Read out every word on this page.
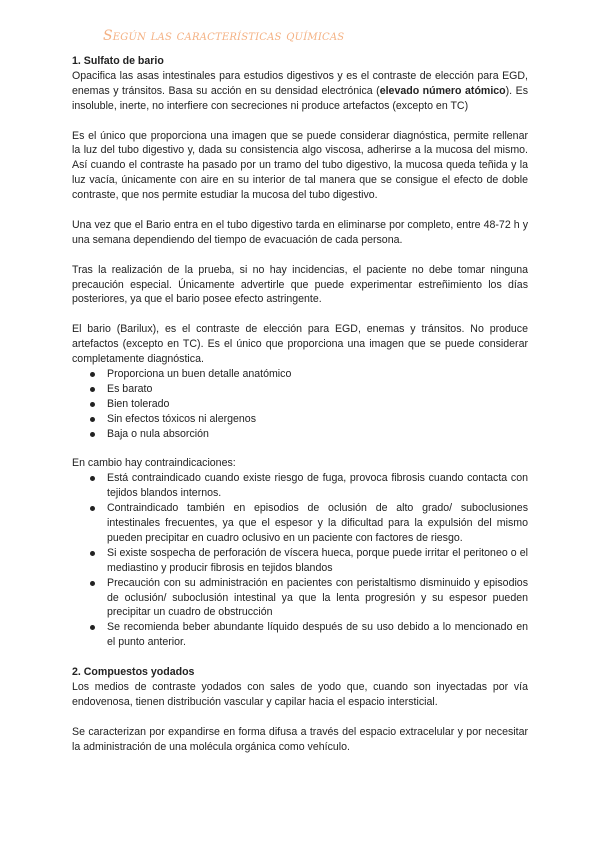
Según las características químicas
1. Sulfato de bario

Opacifica las asas intestinales para estudios digestivos y es el contraste de elección para EGD, enemas y tránsitos. Basa su acción en su densidad electrónica (elevado número atómico). Es insoluble, inerte, no interfiere con secreciones ni produce artefactos (excepto en TC)

Es el único que proporciona una imagen que se puede considerar diagnóstica, permite rellenar la luz del tubo digestivo y, dada su consistencia algo viscosa, adherirse a la mucosa del mismo. Así cuando el contraste ha pasado por un tramo del tubo digestivo, la mucosa queda teñida y la luz vacía, únicamente con aire en su interior de tal manera que se consigue el efecto de doble contraste, que nos permite estudiar la mucosa del tubo digestivo.

Una vez que el Bario entra en el tubo digestivo tarda en eliminarse por completo, entre 48-72 h y una semana dependiendo del tiempo de evacuación de cada persona.

Tras la realización de la prueba, si no hay incidencias, el paciente no debe tomar ninguna precaución especial. Únicamente advertirle que puede experimentar estreñimiento los días posteriores, ya que el bario posee efecto astringente.

El bario (Barilux), es el contraste de elección para EGD, enemas y tránsitos. No produce artefactos (excepto en TC). Es el único que proporciona una imagen que se puede considerar completamente diagnóstica.

Proporciona un buen detalle anatómico
Es barato
Bien tolerado
Sin efectos tóxicos ni alergenos
Baja o nula absorción

En cambio hay contraindicaciones:

Está contraindicado cuando existe riesgo de fuga, provoca fibrosis cuando contacta con tejidos blandos internos.
Contraindicado también en episodios de oclusión de alto grado/ suboclusiones intestinales frecuentes, ya que el espesor y la dificultad para la expulsión del mismo pueden precipitar en cuadro oclusivo en un paciente con factores de riesgo.
Si existe sospecha de perforación de víscera hueca, porque puede irritar el peritoneo o el mediastino y producir fibrosis en tejidos blandos
Precaución con su administración en pacientes con peristaltismo disminuido y episodios de oclusión/ suboclusión intestinal ya que la lenta progresión y su espesor pueden precipitar un cuadro de obstrucción
Se recomienda beber abundante líquido después de su uso debido a lo mencionado en el punto anterior.
2. Compuestos yodados

Los medios de contraste yodados con sales de yodo que, cuando son inyectadas por vía endovenosa, tienen distribución vascular y capilar hacia el espacio intersticial.

Se caracterizan por expandirse en forma difusa a través del espacio extracelular y por necesitar la administración de una molécula orgánica como vehículo.
